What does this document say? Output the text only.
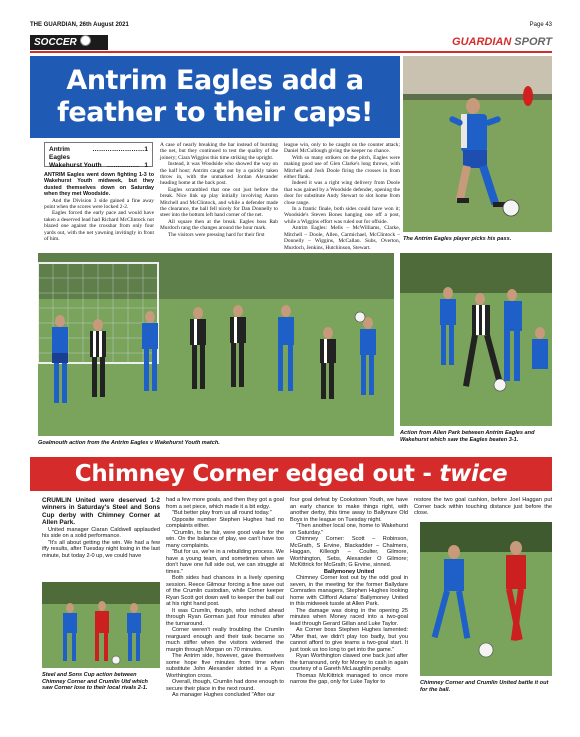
THE GUARDIAN, 26th August 2021	Page 43
SOCCER	GUARDIAN SPORT
Antrim Eagles add a
feather to their caps!
The Antrim Eagles player picks his pass.
Antrim Eagles
…………………… 1
Wakehurst Youth …………… 1

ANTRIM Eagles went down fighting 1-3 to Wakehurst Youth midweek, but they dusted themselves down on Saturday when they met Woodside.

And the Division 3 side gained a fine away point when the scores were locked 2-2.

Eagles forced the early pace and would have taken a deserved lead had Richard McClintock not blazed one against the crossbar from only four yards out, with the net yawning invitingly in front of him.

A case of nearly breaking the bar instead of bursting the net, but they continued to test the quality of the joinery; Ciara Wiggins this time striking the upright.

Instead, it was Woodside who showed the way on the half hour; Antrim caught out by a quickly taken throw in, with the unmarked Jordan Alexander heading home at the back post.

Eagles scrambled that one out just before the break. Nice link up play initially involving Aaron Mitchell and McClintock, and while a defender made the clearance, the ball fell nicely for Dan Donnelly to steer into the bottom left hand corner of the net.

All square then at the break. Eagles boss Rab Murdoch rang the changes around the hour mark.

The visitors were pressing hard for their first

league win, only to be caught on the counter attack; Daniel McCullough giving the keeper no chance.

With so many strikers on the pitch, Eagles were making good use of Glen Clarke's long throws, with Mitchell and Josh Doole firing the crosses in from either flank.

Indeed it was a right wing delivery from Doole that was gained by a Woodside defender, opening the door for substitute Andy Stewart to slot home from close range.

In a frantic finale, both sides could have won it; Woodside's Steven Bones hanging one off a post, while a Wiggins effort was ruled out for offside.

Antrim Eagles: Mells – McWilliams, Clarke, Mitchell – Doole, Allen, Carmichael, McClintock – Donnelly – Wiggins, McCallan. Subs, Overton, Murdoch, Jenkins, Hutchinson, Stewart.

Goalmouth action from the Antrim Eagles v Wakehurst Youth match.
Action from Allen Park between Antrim Eagles and Wakehurst which saw the Eagles beaten 3-1.
Chimney Corner edged out - twice

CRUMLIN United were deserved 1-2 winners in Saturday's Steel and Sons Cup derby with Chimney Corner at Allen Park.

United manager Ciaran Caldwell applauded his side on a solid performance.

"It's all about getting the win. We had a few iffy results, after Tuesday night losing in the last minute, but today 2-0 up, we could have

Steel and Sons Cup action between Chimney Corner and Crumlin Utd which saw Corner lose to their local rivals 2-1.

had a few more goals, and then they got a goal from a set piece, which made it a bit edgy.

"But better play from us all round today."

Opposite number Stephen Hughes had no complaints either.

"Crumlin, to be fair, were good value for the win. On the balance of play, we can't have too many complaints.

"But for us, we're in a rebuilding process. We have a young team, and sometimes when we don't have one full side out, we can struggle at times."

Both sides had chances in a lively opening session. Reece Gilmour forcing a fine save out of the Crumlin custodian, while Corner keeper Ryan Scott got down well to keeper the ball out at his right hand post.

It was Crumlin, though, who inched ahead through Ryan Gorman just four minutes after the turnaround.

Corner weren't really troubling the Crumlin rearguard enough and their task became so much stiffer when the visitors widened the margin through Morgan on 70 minutes.

The Antrim side, however, gave themselves some hope five minutes from time when substitute John Alexander slotted in a Ryan Worthington cross.

Overall, though, Crumlin had done enough to secure their place in the next round.

As manager Hughes concluded "After our

four goal defeat by Cookstown Youth, we have an early chance to make things right, with another derby, this time away to Ballynure Old Boys in the league on Tuesday night.

"Then another local one, home to Wakehurst on Saturday."

Chimney Corner: Scott – Robinson, McGrath, S Ervine, Blackadder – Chalmers, Haggan, Killeogh – Coulter, Gilmore, Worthington, Sebs, Alexander O Gilmore; McKittrick for McGrath; G Ervine, sinned.

Ballymoney United

Chimney Corner lost out by the odd goal in seven, in the meeting for the former Ballydare Comrades managers, Stephen Hughes looking home with Clifford Adams' Ballymoney United in this midweek tussle at Allen Park.

The damage was doing in the opening 25 minutes when Money raced into a two-goal lead through Gerard Gillan and Luke Taylor.

As Corner boss Stephen Hughes lamented: "After that, we didn't play too badly, but you cannot afford to give teams a two-goal start. It just took us too long to get into the game."

Ryan Worthington clawed one back just after the turnaround, only for Money to cash in again courtesy of a Gareth McLaughlin penalty.

Thomas McKittrick managed to once more narrow the gap, only for Luke Taylor to

restore the two goal cushion, before Joel Haggan put Corner back within touching distance just before the close.

Chimney Corner and Crumlin United battle it out for the ball.
